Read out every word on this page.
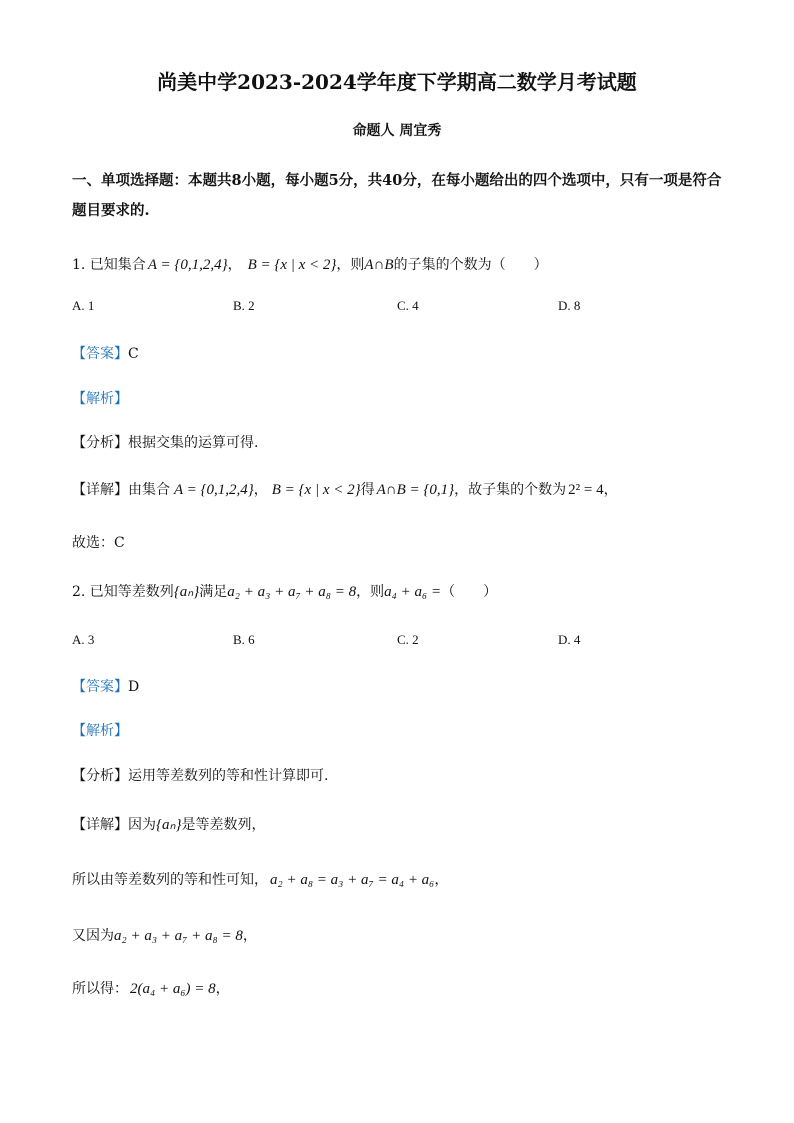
尚美中学2023-2024学年度下学期高二数学月考试题
命题人 周宜秀
一、单项选择题：本题共8小题，每小题5分，共40分，在每小题给出的四个选项中，只有一项是符合题目要求的.
1. 已知集合 A = {0,1,2,4}， B = {x | x < 2}，则A∩B的子集的个数为（　　）
A. 1	B. 2	C. 4	D. 8
【答案】C
【解析】
【分析】根据交集的运算可得.
【详解】由集合 A = {0,1,2,4}， B = {x | x < 2}得 A∩B = {0,1}，故子集的个数为 2² = 4，
故选：C
2. 已知等差数列{aₙ}满足a₂ + a₃ + a₇ + a₈ = 8，则a₄ + a₆ =（　　）
A. 3	B. 6	C. 2	D. 4
【答案】D
【解析】
【分析】运用等差数列的等和性计算即可.
【详解】因为{aₙ}是等差数列，
所以由等差数列的等和性可知， a₂ + a₈ = a₃ + a₇ = a₄ + a₆，
又因为a₂ + a₃ + a₇ + a₈ = 8，
所以得： 2(a₄ + a₆) = 8，
